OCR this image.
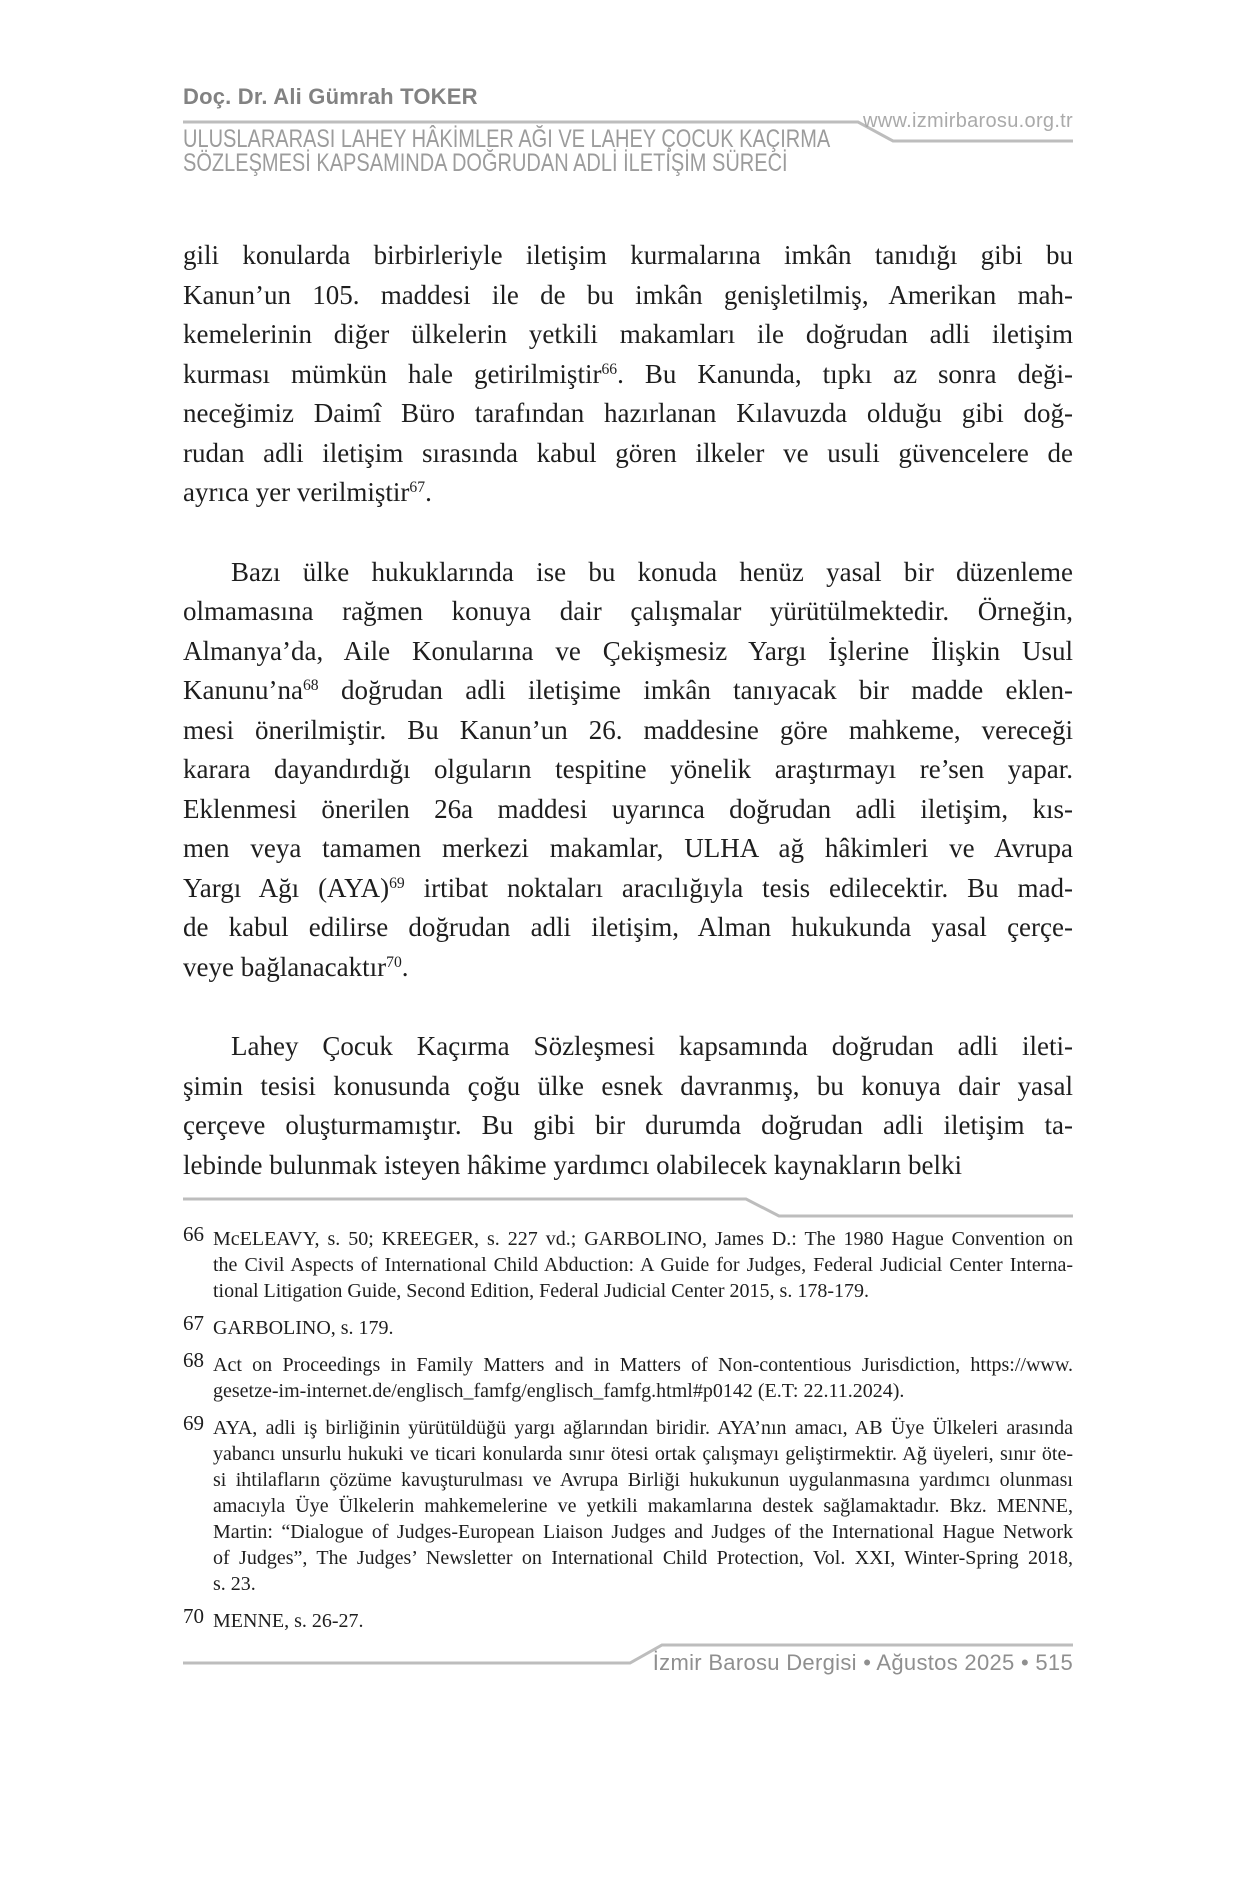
Doç. Dr. Ali Gümrah TOKER
www.izmirbarosu.org.tr
ULUSLARARASI LAHEY HÂKİMLER AĞI VE LAHEY ÇOCUK KAÇIRMA
SÖZLEŞMESİ KAPSAMINDA DOĞRUDAN ADLİ İLETİŞİM SÜRECİ
gili konularda birbirleriyle iletişim kurmalarına imkân tanıdığı gibi bu
Kanun’un 105. maddesi ile de bu imkân genişletilmiş, Amerikan mah-
kemelerinin diğer ülkelerin yetkili makamları ile doğrudan adli iletişim
kurması mümkün hale getirilmiştir$^{66}$. Bu Kanunda, tıpkı az sonra deği-
neceğimiz Daimî Büro tarafından hazırlanan Kılavuzda olduğu gibi doğ-
rudan adli iletişim sırasında kabul gören ilkeler ve usuli güvencelere de
ayrıca yer verilmiştir$^{67}$.
Bazı ülke hukuklarında ise bu konuda henüz yasal bir düzenleme
olmamasına rağmen konuya dair çalışmalar yürütülmektedir. Örneğin,
Almanya’da, Aile Konularına ve Çekişmesiz Yargı İşlerine İlişkin Usul
Kanunu’na$^{68}$ doğrudan adli iletişime imkân tanıyacak bir madde eklen-
mesi önerilmiştir. Bu Kanun’un 26. maddesine göre mahkeme, vereceği
karara dayandırdığı olguların tespitine yönelik araştırmayı re’sen yapar.
Eklenmesi önerilen 26a maddesi uyarınca doğrudan adli iletişim, kıs-
men veya tamamen merkezi makamlar, ULHA ağ hâkimleri ve Avrupa
Yargı Ağı (AYA)$^{69}$ irtibat noktaları aracılığıyla tesis edilecektir. Bu mad-
de kabul edilirse doğrudan adli iletişim, Alman hukukunda yasal çerçe-
veye bağlanacaktır$^{70}$.
Lahey Çocuk Kaçırma Sözleşmesi kapsamında doğrudan adli ileti-
şimin tesisi konusunda çoğu ülke esnek davranmış, bu konuya dair yasal
çerçeve oluşturmamıştır. Bu gibi bir durumda doğrudan adli iletişim ta-
lebinde bulunmak isteyen hâkime yardımcı olabilecek kaynakların belki
66 McELEAVY, s. 50; KREEGER, s. 227 vd.; GARBOLINO, James D.: The 1980 Hague Convention on
the Civil Aspects of International Child Abduction: A Guide for Judges, Federal Judicial Center Interna-
tional Litigation Guide, Second Edition, Federal Judicial Center 2015, s. 178-179.
67 GARBOLINO, s. 179.
68 Act on Proceedings in Family Matters and in Matters of Non-contentious Jurisdiction, https://www.
gesetze-im-internet.de/englisch_famfg/englisch_famfg.html#p0142 (E.T: 22.11.2024).
69 AYA, adli iş birliğinin yürütüldüğü yargı ağlarından biridir. AYA’nın amacı, AB Üye Ülkeleri arasında
yabancı unsurlu hukuki ve ticari konularda sınır ötesi ortak çalışmayı geliştirmektir. Ağ üyeleri, sınır öte-
si ihtilafların çözüme kavuşturulması ve Avrupa Birliği hukukunun uygulanmasına yardımcı olunması
amacıyla Üye Ülkelerin mahkemelerine ve yetkili makamlarına destek sağlamaktadır. Bkz. MENNE,
Martin: “Dialogue of Judges-European Liaison Judges and Judges of the International Hague Network
of Judges”, The Judges’ Newsletter on International Child Protection, Vol. XXI, Winter-Spring 2018,
s. 23.
70 MENNE, s. 26-27.
İzmir Barosu Dergisi • Ağustos 2025 • 515
